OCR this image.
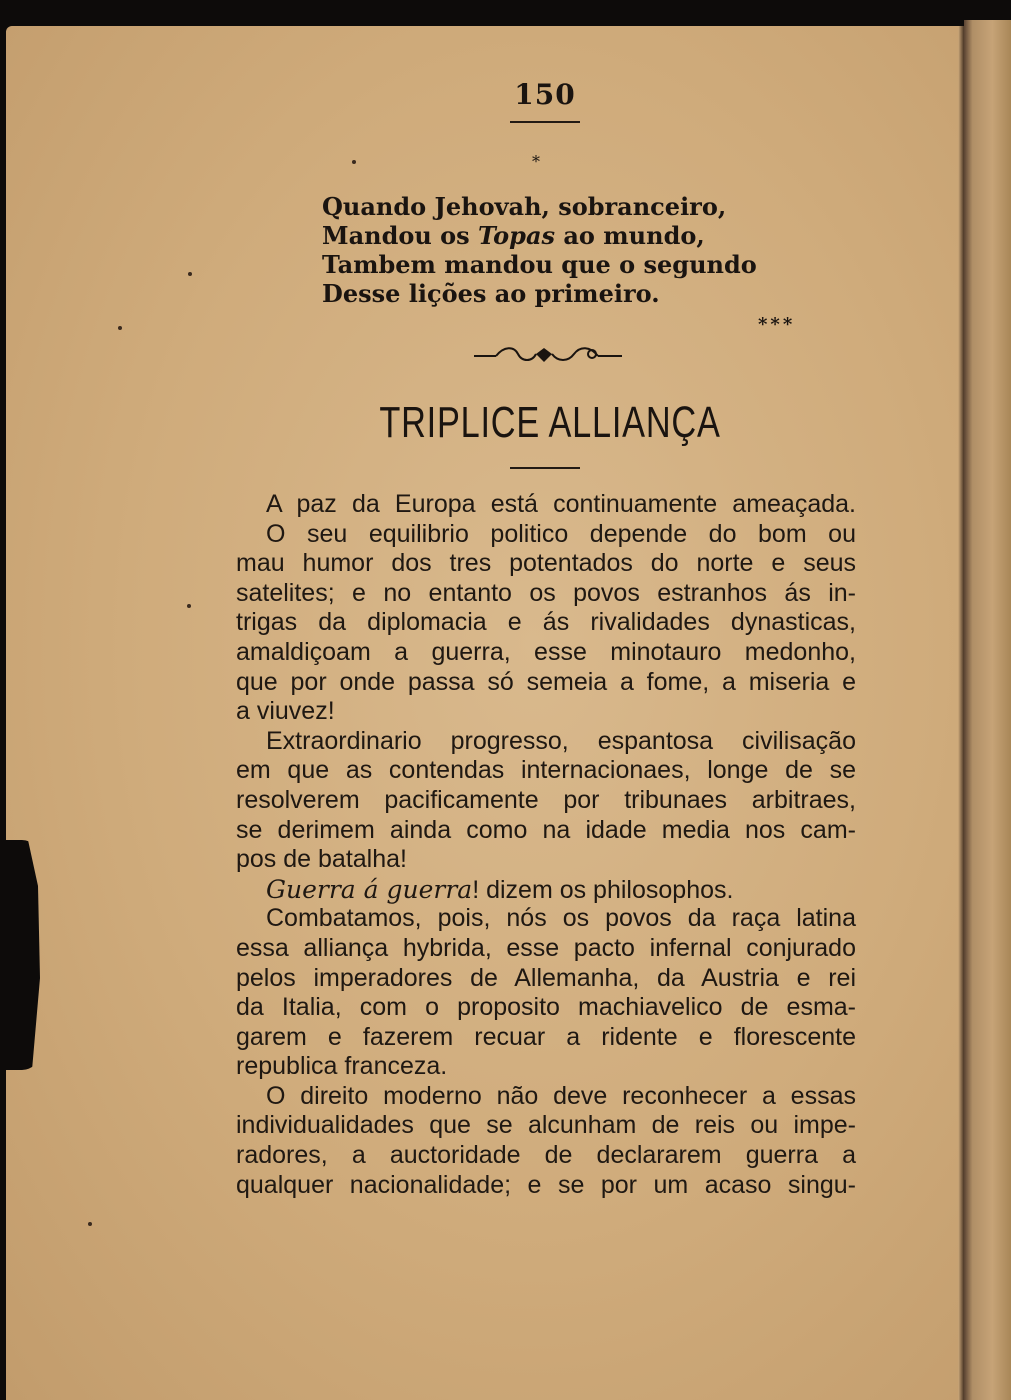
150
*
Quando Jehovah, sobranceiro,
Mandou os Topas ao mundo,
Tambem mandou que o segundo
Desse lições ao primeiro.
***
TRIPLICE ALLIANÇA
A paz da Europa está continuamente ameaçada.
O seu equilibrio politico depende do bom ou
mau humor dos tres potentados do norte e seus
satelites; e no entanto os povos estranhos ás in-
trigas da diplomacia e ás rivalidades dynasticas,
amaldiçoam a guerra, esse minotauro medonho,
que por onde passa só semeia a fome, a miseria e
a viuvez!
Extraordinario progresso, espantosa civilisação
em que as contendas internacionaes, longe de se
resolverem pacificamente por tribunaes arbitraes,
se derimem ainda como na idade media nos cam-
pos de batalha!
Guerra á guerra! dizem os philosophos.
Combatamos, pois, nós os povos da raça latina
essa alliança hybrida, esse pacto infernal conjurado
pelos imperadores de Allemanha, da Austria e rei
da Italia, com o proposito machiavelico de esma-
garem e fazerem recuar a ridente e florescente
republica franceza.
O direito moderno não deve reconhecer a essas
individualidades que se alcunham de reis ou impe-
radores, a auctoridade de declararem guerra a
qualquer nacionalidade; e se por um acaso singu-
